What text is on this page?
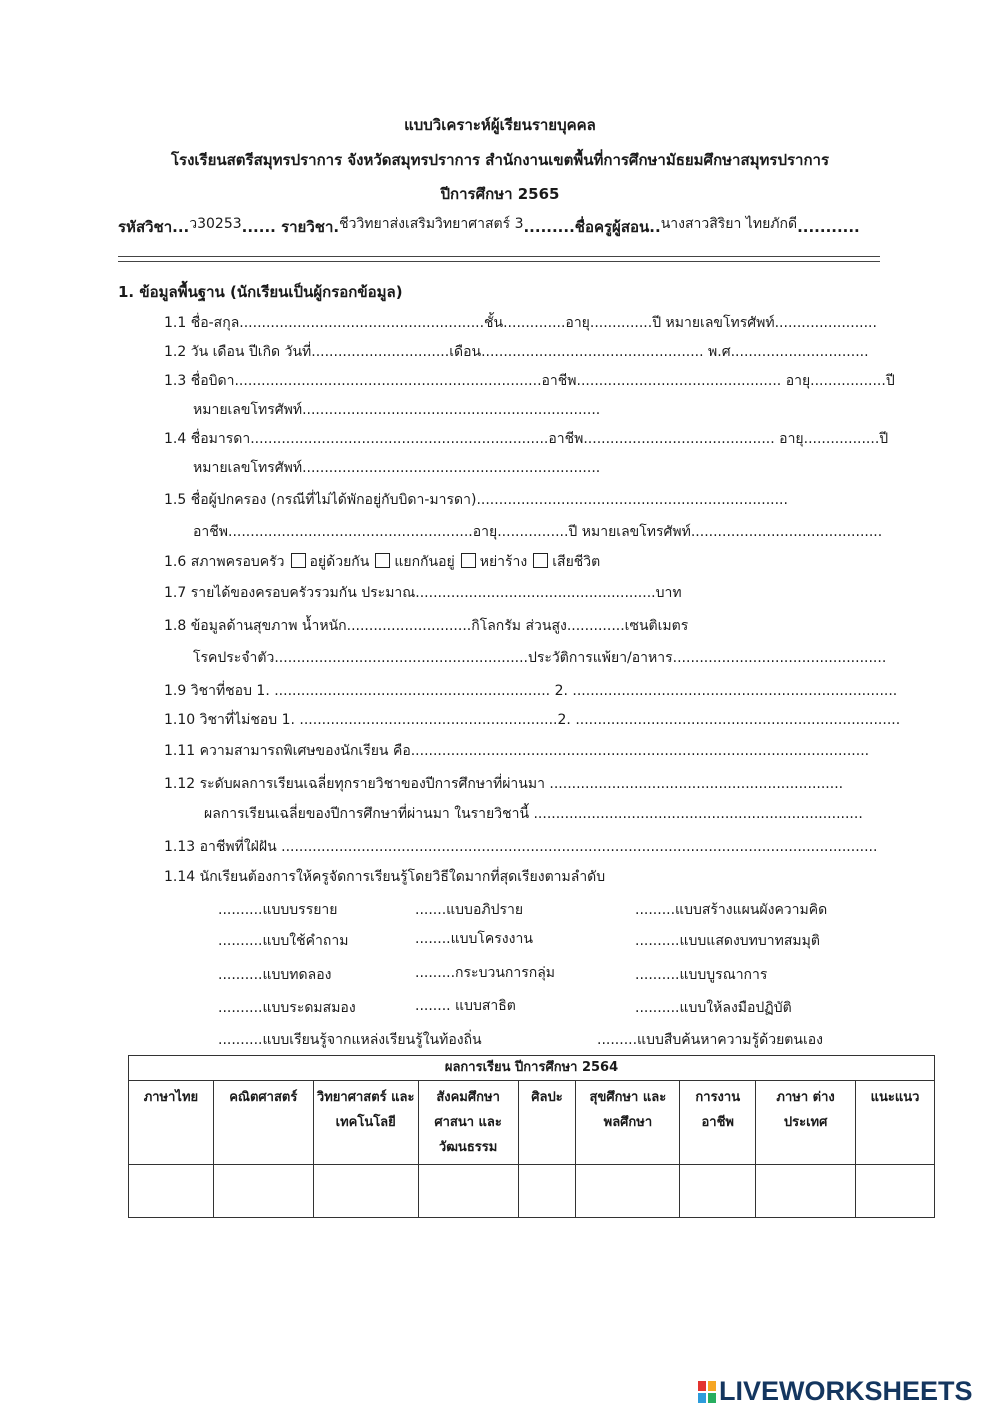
แบบวิเคราะห์ผู้เรียนรายบุคคล
โรงเรียนสตรีสมุทรปราการ จังหวัดสมุทรปราการ สำนักงานเขตพื้นที่การศึกษามัธยมศึกษาสมุทรปราการ
ปีการศึกษา 2565
รหัสวิชา...ว30253...... รายวิชา.ชีววิทยาส่งเสริมวิทยาศาสตร์ 3.........ชื่อครูผู้สอน..นางสาวสิริยา ไทยภักดี...........
1. ข้อมูลพื้นฐาน (นักเรียนเป็นผู้กรอกข้อมูล)
1.1 ชื่อ-สกุล.......................................................ชั้น..............อายุ..............ปี หมายเลขโทรศัพท์.......................
1.2 วัน เดือน ปีเกิด วันที่...............................เดือน.................................................. พ.ศ...............................
1.3 ชื่อบิดา.....................................................................อาชีพ.............................................. อายุ.................ปี
หมายเลขโทรศัพท์...................................................................
1.4 ชื่อมารดา...................................................................อาชีพ........................................... อายุ.................ปี
หมายเลขโทรศัพท์...................................................................
1.5 ชื่อผู้ปกครอง (กรณีที่ไม่ได้พักอยู่กับบิดา-มารดา)......................................................................
อาชีพ.......................................................อายุ................ปี หมายเลขโทรศัพท์...........................................
1.6 สภาพครอบครัว อยู่ด้วยกัน แยกกันอยู่ หย่าร้าง เสียชีวิต
1.7 รายได้ของครอบครัวรวมกัน ประมาณ......................................................บาท
1.8 ข้อมูลด้านสุขภาพ น้ำหนัก............................กิโลกรัม ส่วนสูง.............เซนติเมตร
โรคประจำตัว.........................................................ประวัติการแพ้ยา/อาหาร................................................
1.9 วิชาที่ชอบ 1. .............................................................. 2. .........................................................................
1.10 วิชาที่ไม่ชอบ 1. ..........................................................2. .........................................................................
1.11 ความสามารถพิเศษของนักเรียน คือ.......................................................................................................
1.12 ระดับผลการเรียนเฉลี่ยทุกรายวิชาของปีการศึกษาที่ผ่านมา ..................................................................
ผลการเรียนเฉลี่ยของปีการศึกษาที่ผ่านมา ในรายวิชานี้ ..........................................................................
1.13 อาชีพที่ใฝ่ฝัน ......................................................................................................................................
1.14 นักเรียนต้องการให้ครูจัดการเรียนรู้โดยวิธีใดมากที่สุดเรียงตามลำดับ
..........แบบบรรยาย	.......แบบอภิปราย	.........แบบสร้างแผนผังความคิด
..........แบบใช้คำถาม	........แบบโครงงาน	..........แบบแสดงบทบาทสมมุติ
..........แบบทดลอง	.........กระบวนการกลุ่ม	..........แบบบูรณาการ
..........แบบระดมสมอง	........ แบบสาธิต	..........แบบให้ลงมือปฏิบัติ
..........แบบเรียนรู้จากแหล่งเรียนรู้ในท้องถิ่น	.........แบบสืบค้นหาความรู้ด้วยตนเอง
ผลการเรียน ปีการศึกษา 2564								
ภาษาไทย	คณิตศาสตร์	วิทยาศาสตร์ และ เทคโนโลยี	สังคมศึกษา ศาสนา และ วัฒนธรรม	ศิลปะ	สุขศึกษา และพลศึกษา	การงาน อาชีพ	ภาษา ต่างประเทศ	แนะแนว

LIVEWORKSHEETS
